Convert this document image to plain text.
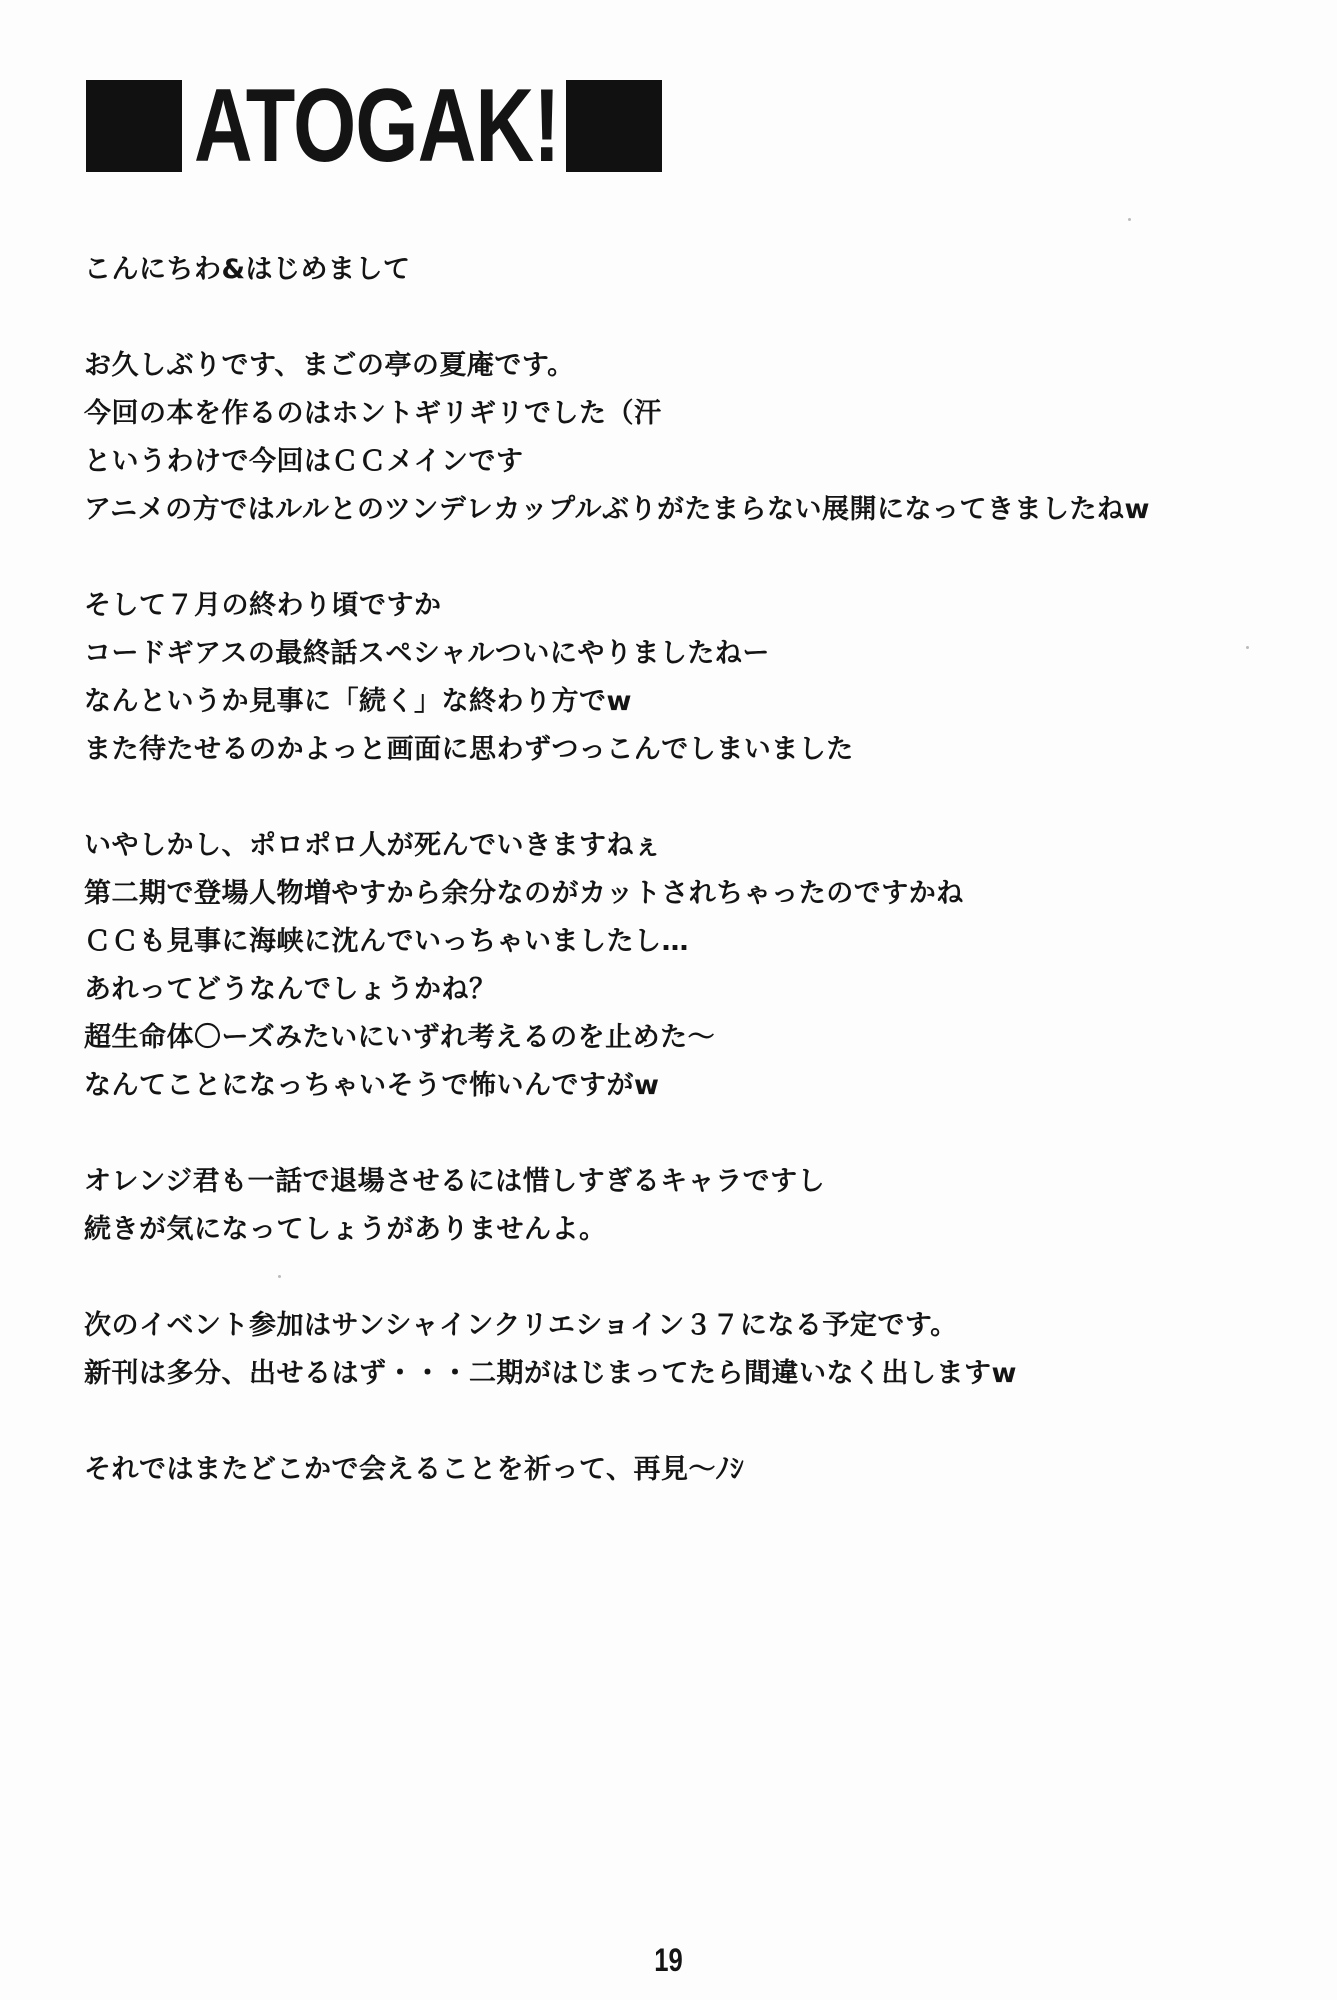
ATOGAK!
こんにちわ&はじめまして
お久しぶりです、まごの亭の夏庵です。
今回の本を作るのはホントギリギリでした（汗
というわけで今回はＣＣメインです
アニメの方ではルルとのツンデレカップルぶりがたまらない展開になってきましたねw
そして７月の終わり頃ですか
コードギアスの最終話スペシャルついにやりましたねー
なんというか見事に「続く」な終わり方でw
また待たせるのかよっと画面に思わずつっこんでしまいました
いやしかし、ポロポロ人が死んでいきますねぇ
第二期で登場人物増やすから余分なのがカットされちゃったのですかね
ＣＣも見事に海峡に沈んでいっちゃいましたし…
あれってどうなんでしょうかね？
超生命体〇ーズみたいにいずれ考えるのを止めた～
なんてことになっちゃいそうで怖いんですがw
オレンジ君も一話で退場させるには惜しすぎるキャラですし
続きが気になってしょうがありませんよ。
次のイベント参加はサンシャインクリエショイン３７になる予定です。
新刊は多分、出せるはず・・・二期がはじまってたら間違いなく出しますw
それではまたどこかで会えることを祈って、再見～ﾉｼ
19
